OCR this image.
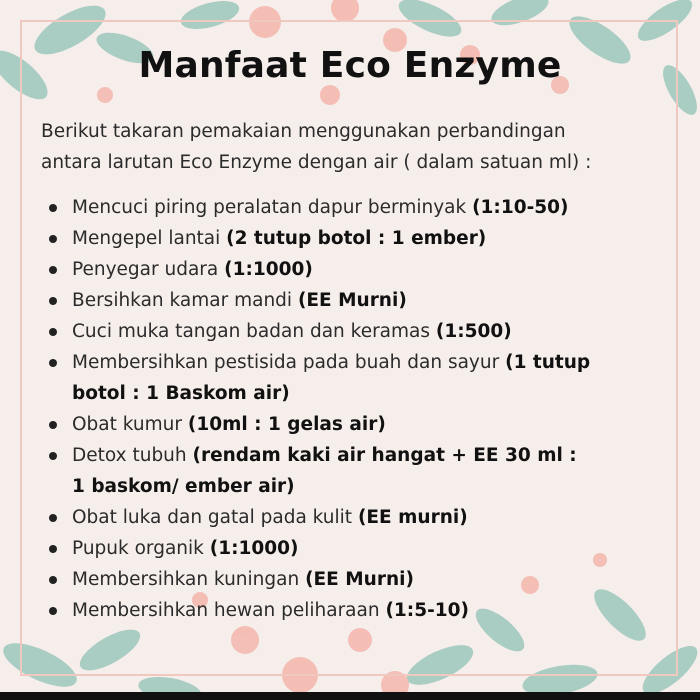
Manfaat Eco Enzyme
Berikut takaran pemakaian menggunakan perbandingan
antara larutan Eco Enzyme dengan air ( dalam satuan ml) :
Mencuci piring peralatan dapur berminyak (1:10-50)
Mengepel lantai (2 tutup botol : 1 ember)
Penyegar udara (1:1000)
Bersihkan kamar mandi (EE Murni)
Cuci muka tangan badan dan keramas (1:500)
Membersihkan pestisida pada buah dan sayur (1 tutup
botol : 1 Baskom air)
Obat kumur (10ml : 1 gelas air)
Detox tubuh (rendam kaki air hangat + EE 30 ml :
1 baskom/ ember air)
Obat luka dan gatal pada kulit (EE murni)
Pupuk organik (1:1000)
Membersihkan kuningan (EE Murni)
Membersihkan hewan peliharaan (1:5-10)
